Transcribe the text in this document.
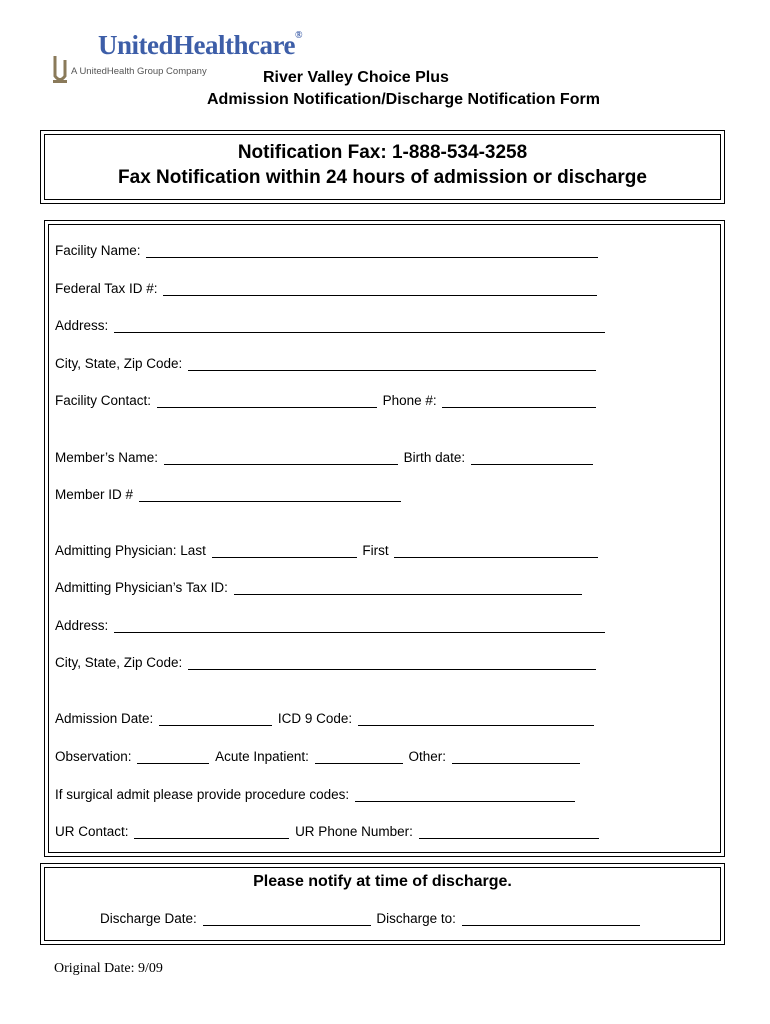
UnitedHealthcare®
A UnitedHealth Group Company	River Valley Choice Plus
Admission Notification/Discharge Notification Form
Notification Fax: 1-888-534-3258
Fax Notification within 24 hours of admission or discharge
Facility Name:
Federal Tax ID #:
Address:
City, State, Zip Code:
Facility Contact:	Phone #:
Member’s Name:	Birth date:
Member ID #
Admitting Physician: Last	First
Admitting Physician’s Tax ID:
Address:
City, State, Zip Code:
Admission Date:	ICD 9 Code:
Observation:	Acute Inpatient:	Other:
If surgical admit please provide procedure codes:
UR Contact:	UR Phone Number:
Please notify at time of discharge.
Discharge Date:	Discharge to:
Original Date: 9/09
